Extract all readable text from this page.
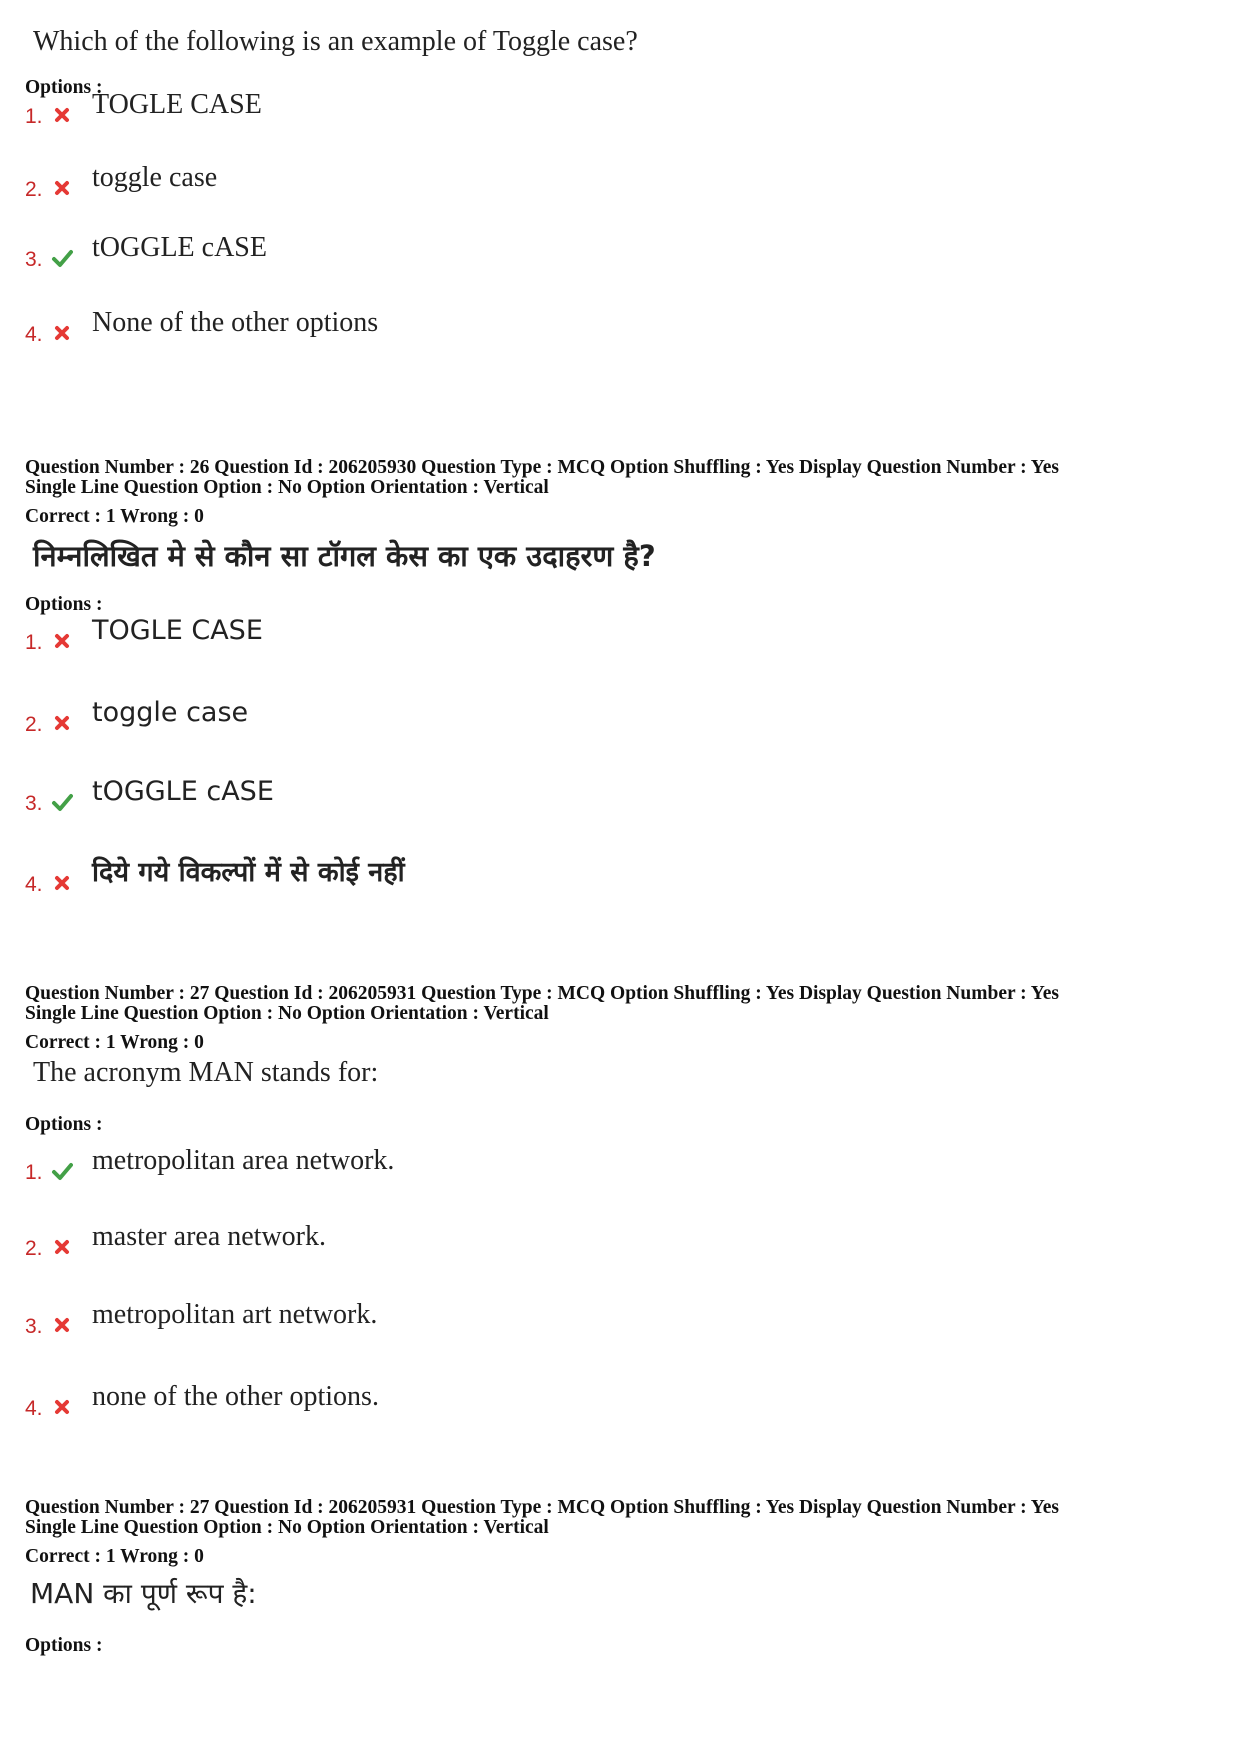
Which of the following is an example of Toggle case?
Options :
1. TOGLE CASE
2. toggle case
3. tOGGLE cASE
4. None of the other options
Question Number : 26 Question Id : 206205930 Question Type : MCQ Option Shuffling : Yes Display Question Number : Yes
Single Line Question Option : No Option Orientation : Vertical
Correct : 1 Wrong : 0
निम्नलिखित मे से कौन सा टॉगल केस का एक उदाहरण है?
Options :
1. TOGLE CASE
2. toggle case
3. tOGGLE cASE
4. दिये गये विकल्पों में से कोई नहीं
Question Number : 27 Question Id : 206205931 Question Type : MCQ Option Shuffling : Yes Display Question Number : Yes
Single Line Question Option : No Option Orientation : Vertical
Correct : 1 Wrong : 0
The acronym MAN stands for:
Options :
1. metropolitan area network.
2. master area network.
3. metropolitan art network.
4. none of the other options.
Question Number : 27 Question Id : 206205931 Question Type : MCQ Option Shuffling : Yes Display Question Number : Yes
Single Line Question Option : No Option Orientation : Vertical
Correct : 1 Wrong : 0
MAN का पूर्ण रूप है:
Options :
